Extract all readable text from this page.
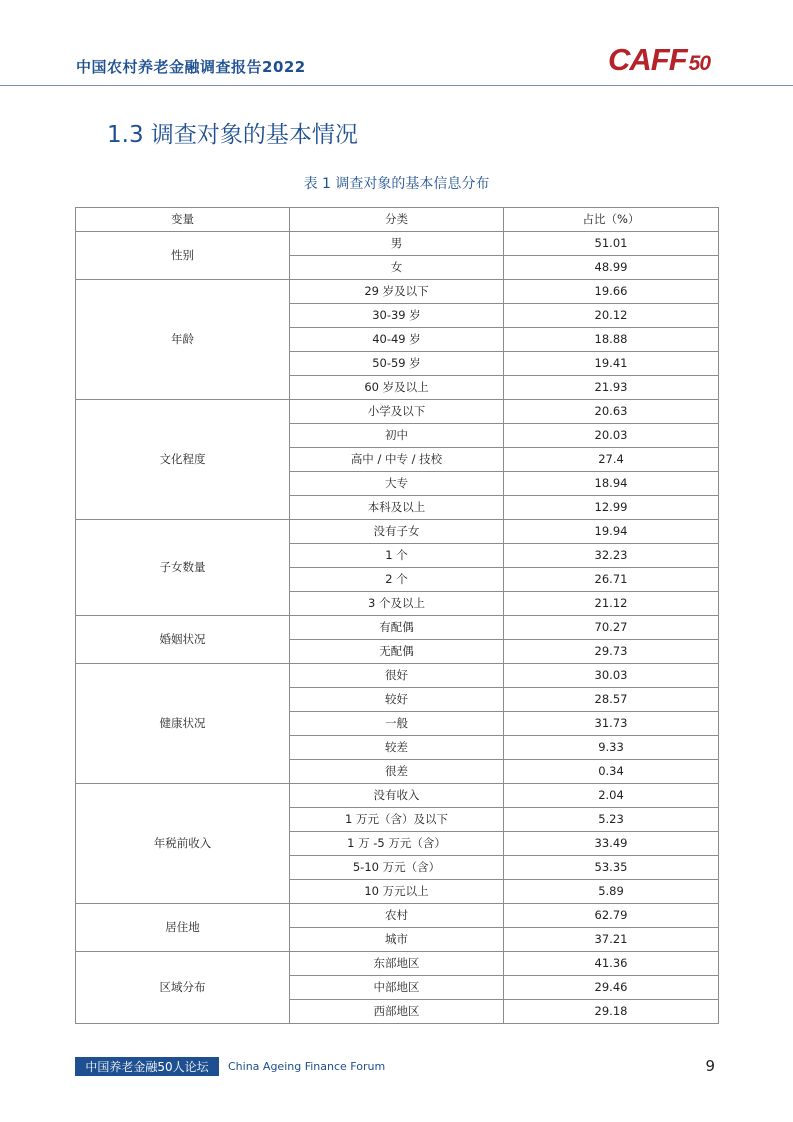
中国农村养老金融调查报告2022	CAFF50
1.3 调查对象的基本情况
表 1 调查对象的基本信息分布
变量	分类	占比（%）
性别	男	51.01
	女	48.99
年龄	29 岁及以下	19.66
	30-39 岁	20.12
	40-49 岁	18.88
	50-59 岁	19.41
	60 岁及以上	21.93
文化程度	小学及以下	20.63
	初中	20.03
	高中 / 中专 / 技校	27.4
	大专	18.94
	本科及以上	12.99
子女数量	没有子女	19.94
	1 个	32.23
	2 个	26.71
	3 个及以上	21.12
婚姻状况	有配偶	70.27
	无配偶	29.73
健康状况	很好	30.03
	较好	28.57
	一般	31.73
	较差	9.33
	很差	0.34
年税前收入	没有收入	2.04
	1 万元（含）及以下	5.23
	1 万 -5 万元（含）	33.49
	5-10 万元（含）	53.35
	10 万元以上	5.89
居住地	农村	62.79
	城市	37.21
区域分布	东部地区	41.36
	中部地区	29.46
	西部地区	29.18
中国养老金融50人论坛	China Ageing Finance Forum	9
